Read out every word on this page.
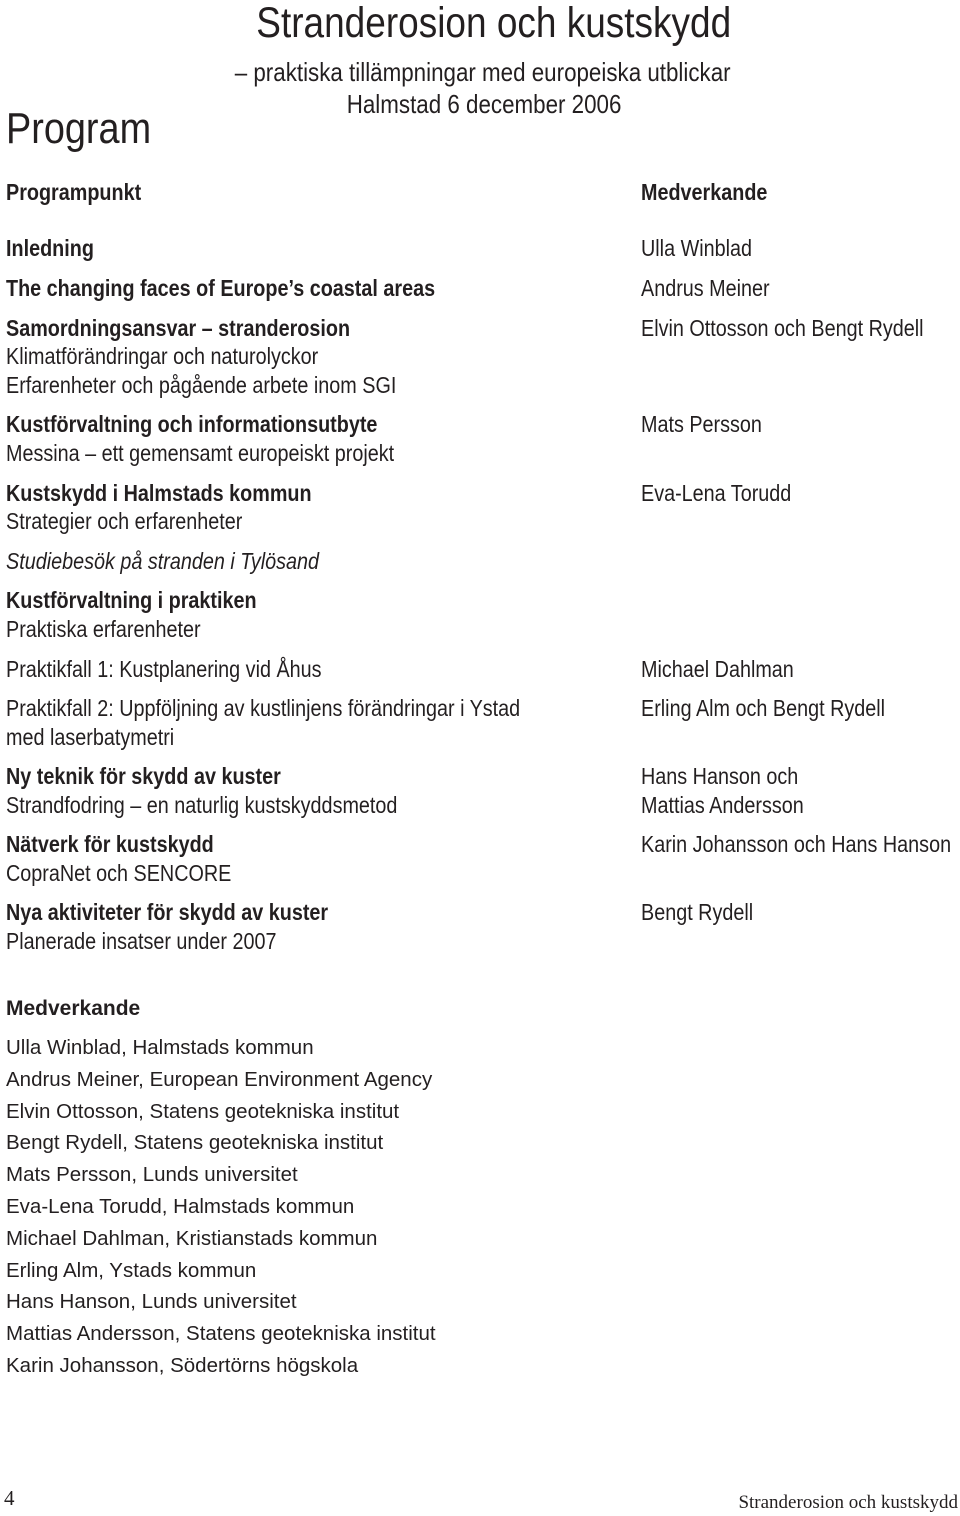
Stranderosion och kustskydd
– praktiska tillämpningar med europeiska utblickar
Halmstad 6 december 2006
Program
Programpunkt	Medverkande
Inledning
The changing faces of Europe’s coastal areas
Samordningsansvar – stranderosion
Klimatförändringar och naturolyckor
Erfarenheter och pågående arbete inom SGI
Kustförvaltning och informationsutbyte
Messina – ett gemensamt europeiskt projekt
Kustskydd i Halmstads kommun
Strategier och erfarenheter
Studiebesök på stranden i Tylösand
Kustförvaltning i praktiken
Praktiska erfarenheter
Praktikfall 1: Kustplanering vid Åhus
Praktikfall 2: Uppföljning av kustlinjens förändringar i Ystad
med laserbatymetri
Ny teknik för skydd av kuster
Strandfodring – en naturlig kustskyddsmetod
Nätverk för kustskydd
CopraNet och SENCORE
Nya aktiviteter för skydd av kuster
Planerade insatser under 2007
Ulla Winblad
Andrus Meiner
Elvin Ottosson och Bengt Rydell
Mats Persson
Eva-Lena Torudd
Michael Dahlman
Erling Alm och Bengt Rydell
Hans Hanson och
Mattias Andersson
Karin Johansson och Hans Hanson
Bengt Rydell
Medverkande
Ulla Winblad, Halmstads kommun
Andrus Meiner, European Environment Agency
Elvin Ottosson, Statens geotekniska institut
Bengt Rydell, Statens geotekniska institut
Mats Persson, Lunds universitet
Eva-Lena Torudd, Halmstads kommun
Michael Dahlman, Kristianstads kommun
Erling Alm, Ystads kommun
Hans Hanson, Lunds universitet
Mattias Andersson, Statens geotekniska institut
Karin Johansson, Södertörns högskola
4	Stranderosion och kustskydd
